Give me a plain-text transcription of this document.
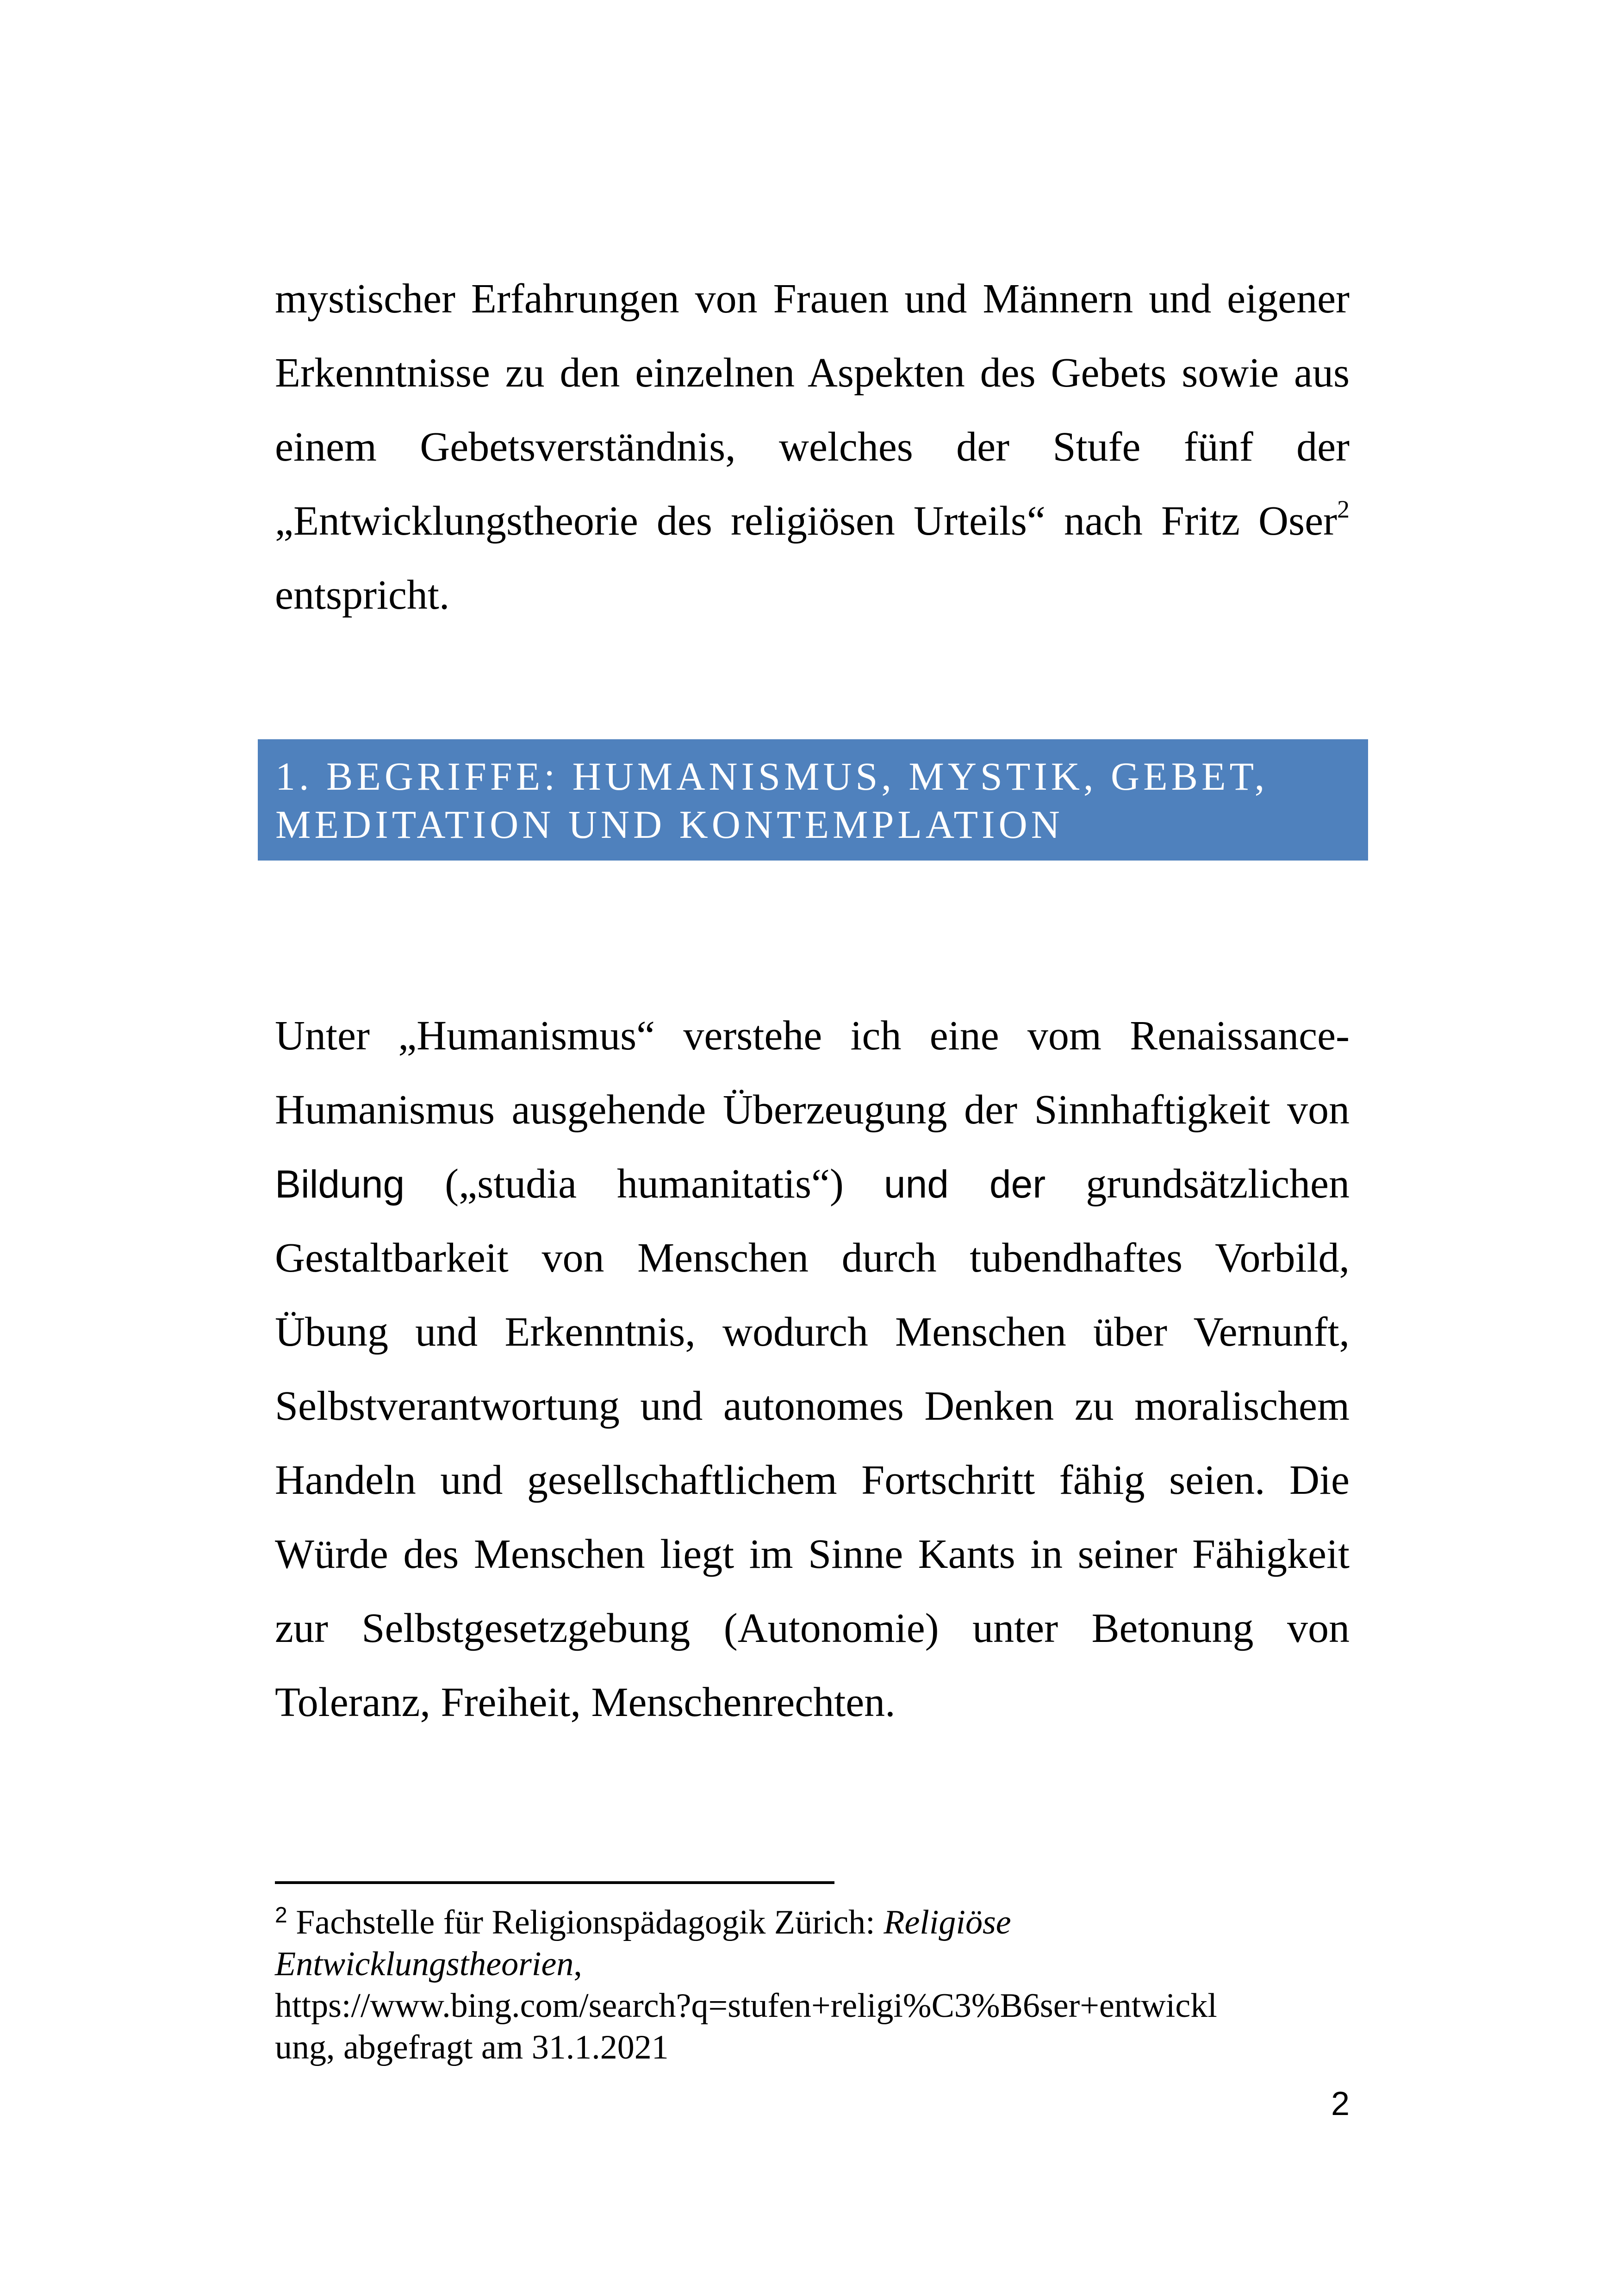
mystischer Erfahrungen von Frauen und Männern und eigener
Erkenntnisse zu den einzelnen Aspekten des Gebets sowie aus
einem Gebetsverständnis, welches der Stufe fünf der
„Entwicklungstheorie des religiösen Urteils“ nach Fritz Oser$^2$
entspricht.
1. BEGRIFFE: HUMANISMUS, MYSTIK, GEBET,
MEDITATION UND KONTEMPLATION
Unter „Humanismus“ verstehe ich eine vom Renaissance-
Humanismus ausgehende Überzeugung der Sinnhaftigkeit von
Bildung („studia humanitatis“) und der grundsätzlichen
Gestaltbarkeit von Menschen durch tubendhaftes Vorbild,
Übung und Erkenntnis, wodurch Menschen über Vernunft,
Selbstverantwortung und autonomes Denken zu moralischem
Handeln und gesellschaftlichem Fortschritt fähig seien. Die
Würde des Menschen liegt im Sinne Kants in seiner Fähigkeit
zur Selbstgesetzgebung (Autonomie) unter Betonung von
Toleranz, Freiheit, Menschenrechten.
$^2$ Fachstelle für Religionspädagogik Zürich: Religiöse
Entwicklungstheorien,
https://www.bing.com/search?q=stufen+religi%C3%B6ser+entwickl
ung, abgefragt am 31.1.2021
2
